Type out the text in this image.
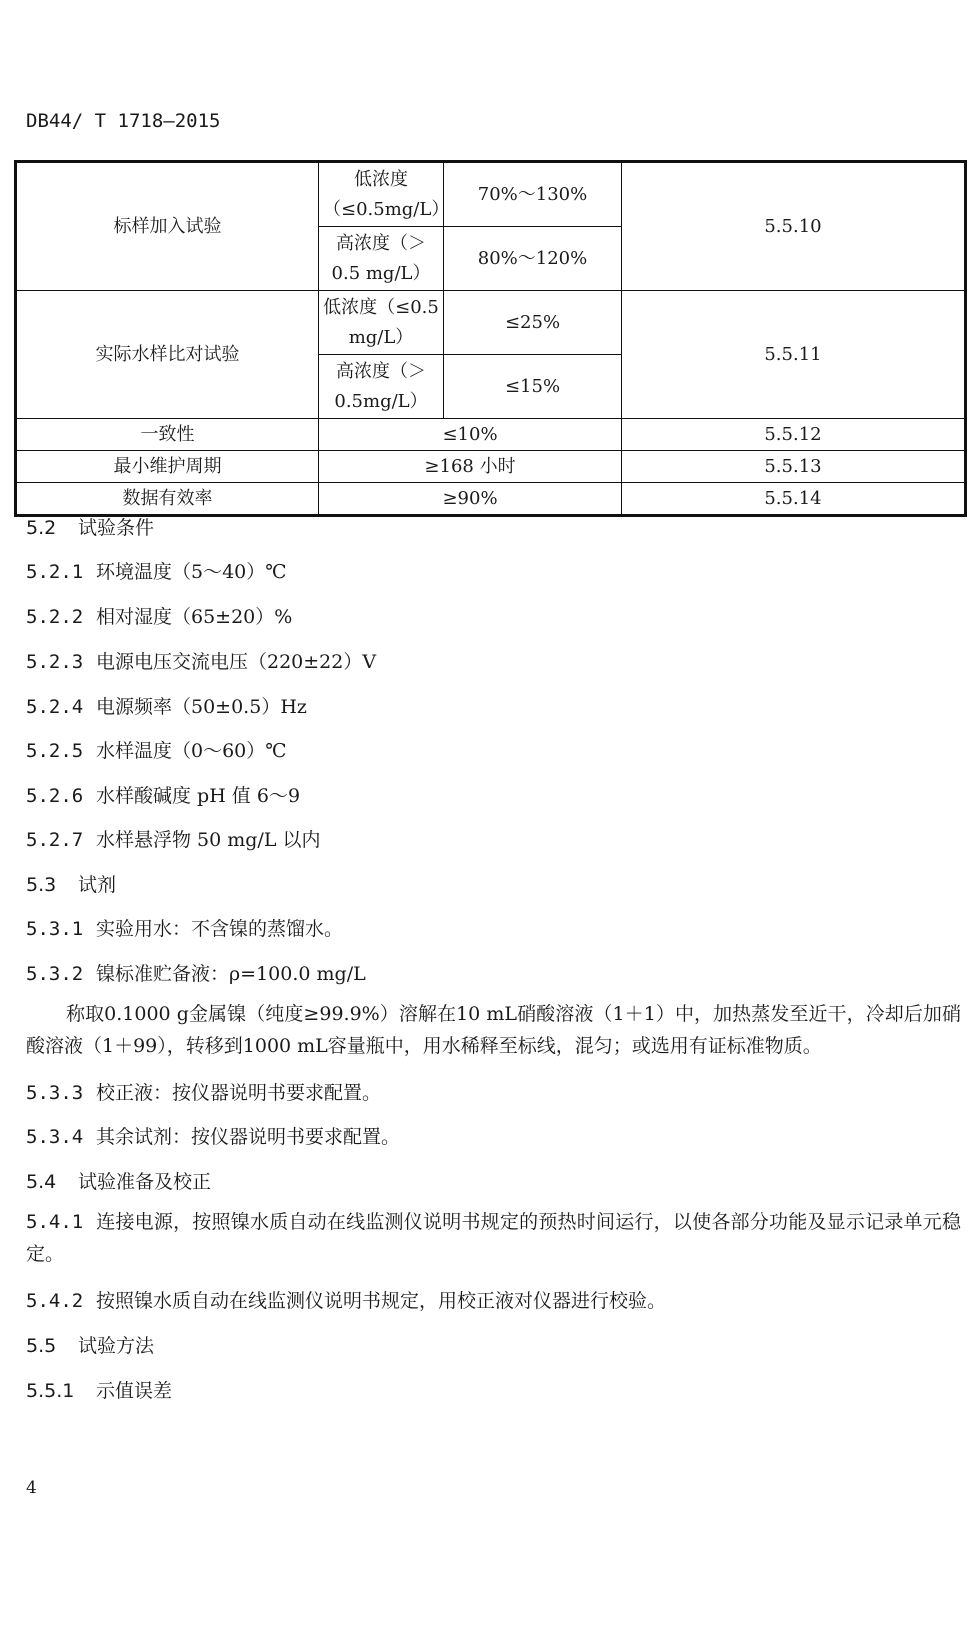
DB44/ T 1718—2015
标样加入试验	低浓度
（≤0.5mg/L）	70%～130%	5.5.10
	高浓度（＞
0.5 mg/L）	80%～120%	
实际水样比对试验	低浓度（≤0.5
mg/L）	≤25%	5.5.11
	高浓度（＞
0.5mg/L）	≤15%	
一致性	≤10%		5.5.12
最小维护周期	≥168 小时		5.5.13
数据有效率	≥90%		5.5.14
5.2 试验条件
5.2.1 环境温度（5～40）℃
5.2.2 相对湿度（65±20）%
5.2.3 电源电压交流电压（220±22）V
5.2.4 电源频率（50±0.5）Hz
5.2.5 水样温度（0～60）℃
5.2.6 水样酸碱度 pH 值 6～9
5.2.7 水样悬浮物 50 mg/L 以内
5.3 试剂
5.3.1 实验用水：不含镍的蒸馏水。
5.3.2 镍标准贮备液：ρ=100.0 mg/L
称取0.1000 g金属镍（纯度≥99.9%）溶解在10 mL硝酸溶液（1＋1）中，加热蒸发至近干，冷却后加硝酸溶液（1＋99），转移到1000 mL容量瓶中，用水稀释至标线，混匀；或选用有证标准物质。
5.3.3 校正液：按仪器说明书要求配置。
5.3.4 其余试剂：按仪器说明书要求配置。
5.4 试验准备及校正
5.4.1 连接电源，按照镍水质自动在线监测仪说明书规定的预热时间运行，以使各部分功能及显示记录单元稳定。
5.4.2 按照镍水质自动在线监测仪说明书规定，用校正液对仪器进行校验。
5.5 试验方法
5.5.1 示值误差
4
